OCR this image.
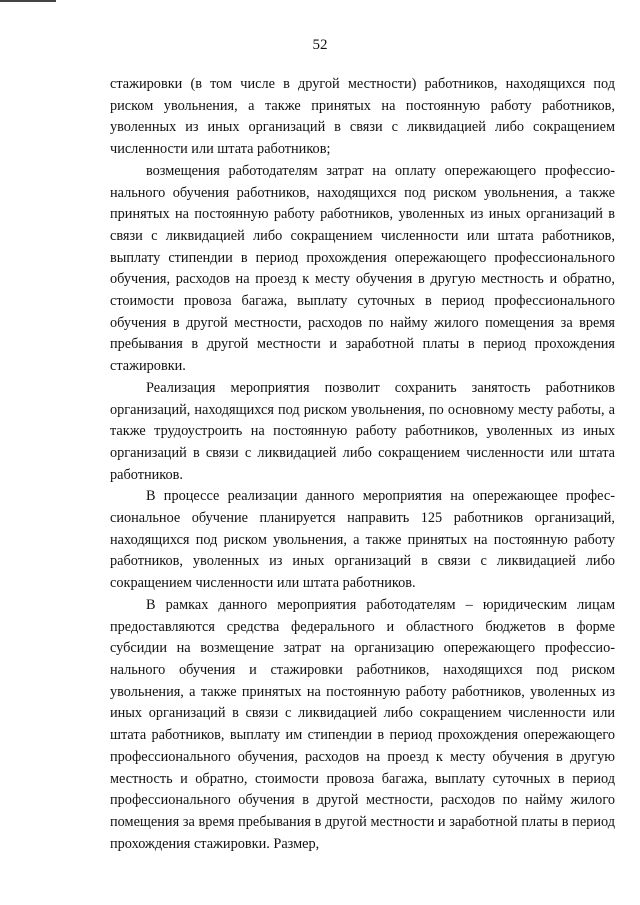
52

стажировки (в том числе в другой местности) работников, находящихся под риском увольнения, а также принятых на постоянную работу работников, уволенных из иных организаций в связи с ликвидацией либо сокращением численности или штата работников;

возмещения работодателям затрат на оплату опережающего профессионального обучения работников, находящихся под риском увольнения, а также принятых на постоянную работу работников, уволенных из иных организаций в связи с ликвидацией либо сокращением численности или штата работников, выплату стипендии в период прохождения опережающего профессионального обучения, расходов на проезд к месту обучения в другую местность и обратно, стоимости провоза багажа, выплату суточных в период профессионального обучения в другой местности, расходов по найму жилого помещения за время пребывания в другой местности и заработной платы в период прохождения стажировки.

Реализация мероприятия позволит сохранить занятость работников организаций, находящихся под риском увольнения, по основному месту работы, а также трудоустроить на постоянную работу работников, уволенных из иных организаций в связи с ликвидацией либо сокращением численности или штата работников.

В процессе реализации данного мероприятия на опережающее профессиональное обучение планируется направить 125 работников организаций, находящихся под риском увольнения, а также принятых на постоянную работу работников, уволенных из иных организаций в связи с ликвидацией либо сокращением численности или штата работников.

В рамках данного мероприятия работодателям – юридическим лицам предоставляются средства федерального и областного бюджетов в форме субсидии на возмещение затрат на организацию опережающего профессионального обучения и стажировки работников, находящихся под риском увольнения, а также принятых на постоянную работу работников, уволенных из иных организаций в связи с ликвидацией либо сокращением численности или штата работников, выплату им стипендии в период прохождения опережающего профессионального обучения, расходов на проезд к месту обучения в другую местность и обратно, стоимости провоза багажа, выплату суточных в период профессионального обучения в другой местности, расходов по найму жилого помещения за время пребывания в другой местности и заработной платы в период прохождения стажировки. Размер,
